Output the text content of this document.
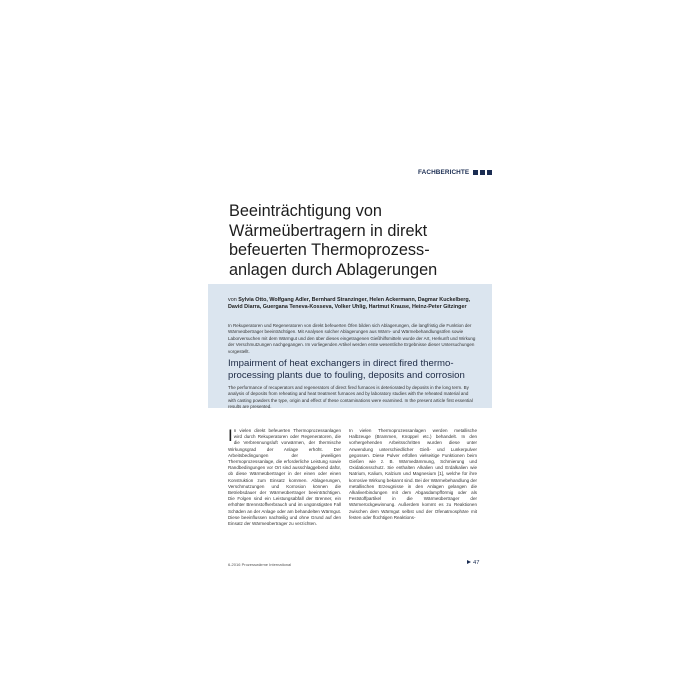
FACHBERICHTE
Beeinträchtigung von Wärmeübertragern in direkt befeuerten Thermoprozessanlagen durch Ablagerungen
von Sylvia Otto, Wolfgang Adler, Bernhard Stranzinger, Helen Ackermann, Dagmar Kuckelberg, David Diarra, Guergana Teneva-Kosseva, Volker Uhlig, Hartmut Krause, Heinz-Peter Gitzinger

In Rekuperatoren und Regeneratoren von direkt befeuerten Öfen bilden sich Ablagerungen, die langfristig die Funktion der Wärmeübertrager beeinträchtigen. Mit Analysen solcher Ablagerungen aus Wärm- und Wärmebehandlungsöfen sowie Laborversuchen mit dem Wärmgut und den über dieses eingetragenen Gießhilfsmitteln wurde der Art, Herkunft und Wirkung der Verschmutzungen nachgegangen. Im vorliegenden Artikel werden erste wesentliche Ergebnisse dieser Untersuchungen vorgestellt.

Impairment of heat exchangers in direct fired thermoprocessing plants due to fouling, deposits and corrosion

The performance of recuperators and regenerators of direct fired furnaces is deteriorated by deposits in the long term. By analysis of deposits from reheating and heat treatment furnaces and by laboratory studies with the reheated material and with casting powders the type, origin and effect of these contaminations were examined. In the present article first essential results are presented.

I n vielen direkt befeuerten Thermoprozessanlagen wird durch Rekuperatoren oder Regeneratoren, die die Verbrennungsluft vorwärmen, der thermische Wirkungsgrad der Anlage erhöht. Der Arbeitsbedingungen der jeweiligen Thermoprozessanlage, die erforderliche Leistung sowie Randbedingungen vor Ort sind ausschlaggebend dafür, ob diese Wärmeübertrager in der einen oder einen Konstruktion zum Einsatz kommen. Ablagerungen, Verschmutzungen und Korrosion können die Betriebsdauer der Wärmeübertrager beeinträchtigen. Die Folgen sind ein Leistungsabfall der Brenner, ein erhöhter Brennstoffverbrauch und im ungünstigsten Fall Schäden an der Anlage oder am behandelten Wärmgut. Diese beeinflussen nachteilig und ohne Grund auf den Einsatz der Wärmeübertrager zu verzichten.
In vielen Thermoprozessanlagen werden metallische Halbzeuge (Brammen, Knüppel etc.) behandelt. In den vorhergehenden Arbeitsschritten wurden diese unter Anwendung unterschiedlicher Gieß- und Lunkerpulver gegossen. Diese Pulver erfüllen vielseitige Funktionen beim Gießen wie z. B. Wärmedämmung, Schmierung und Oxidationsschutz. Sie enthalten Alkalien und Erdalkalien wie Natrium, Kalium, Kalzium und Magnesium [1], welche für ihre korrosive Wirkung bekannt sind. Bei der Wärmebehandlung der metallischen Erzeugnisse in den Anlagen gelangen die Alkaliverbindungen mit dem Abgasdampfförmig oder als Feststoffpartikel in die Wärmeübertrager der Wärmerückgewinnung. Außerdem kommt es zu Reaktionen zwischen dem Wärmgut selbst und der Ofenatmosphäre mit festen oder flüchtigen Reaktions-
6-2016 Prozesswärme International	47
